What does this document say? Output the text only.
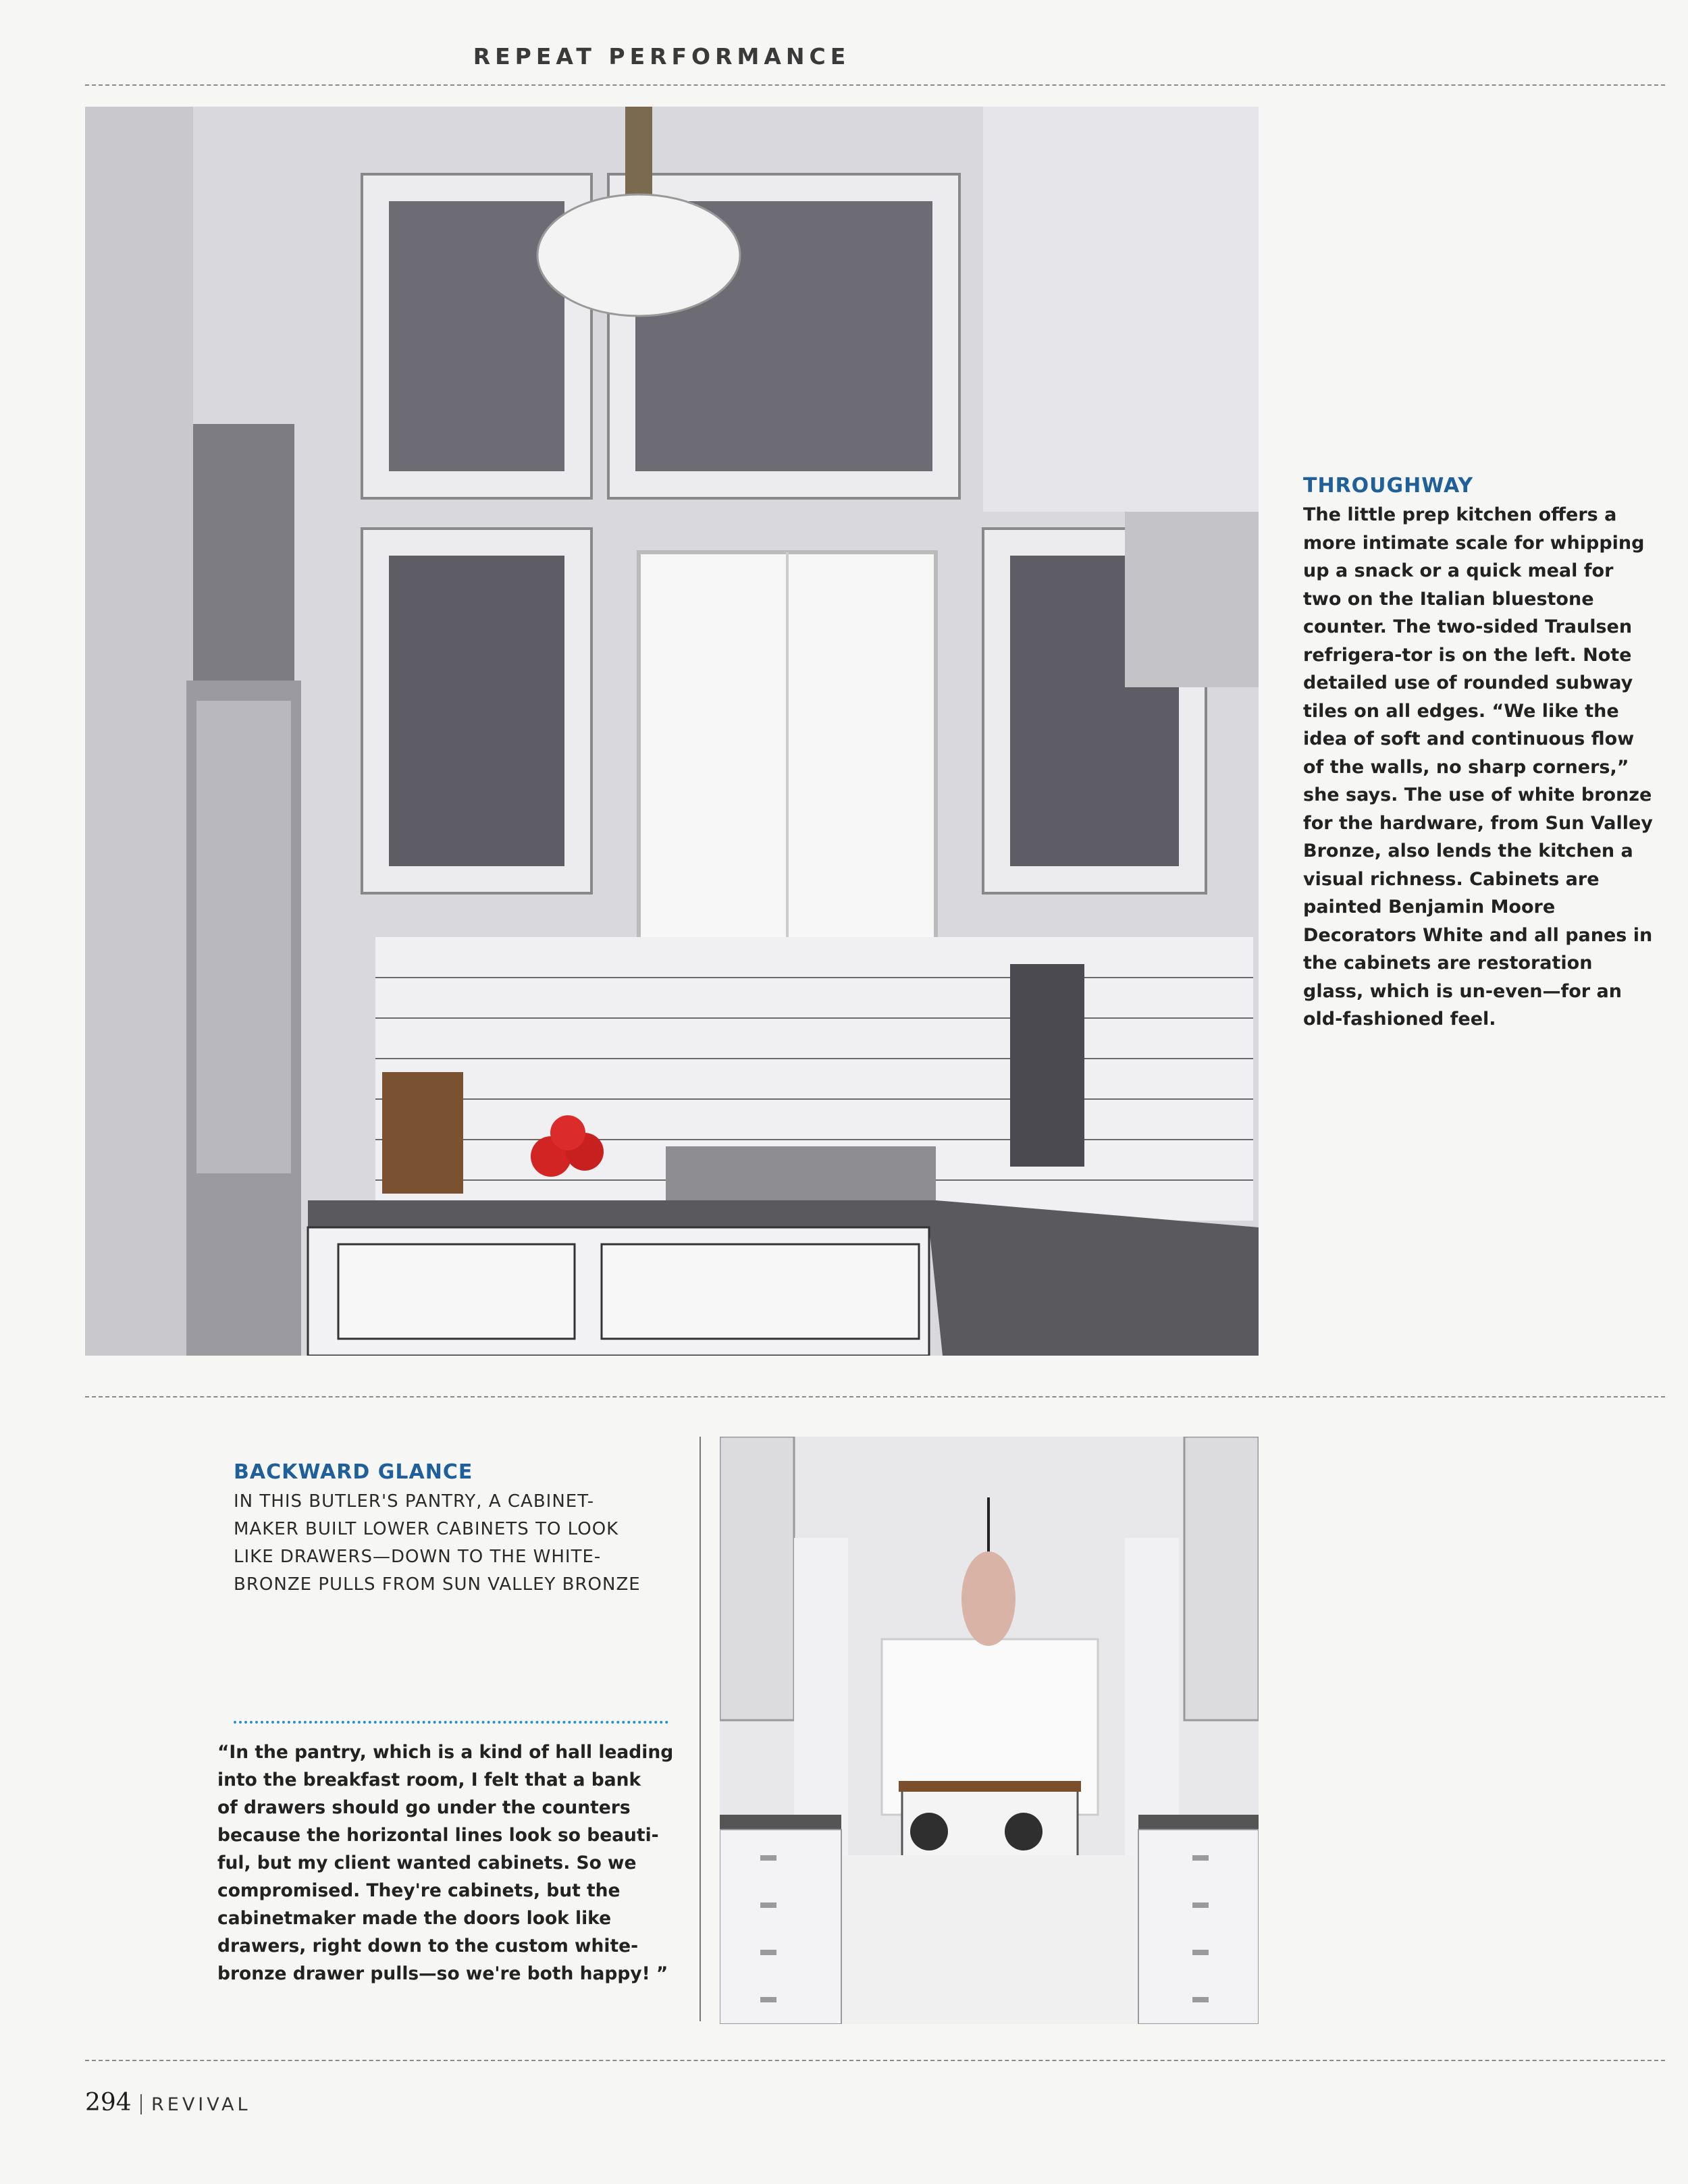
REPEAT PERFORMANCE
THROUGHWAY
The little prep kitchen offers a more intimate scale for whipping up a snack or a quick meal for two on the Italian bluestone counter. The two-sided Traulsen refrigera-tor is on the left. Note detailed use of rounded subway tiles on all edges. “We like the idea of soft and continuous flow of the walls, no sharp corners,” she says. The use of white bronze for the hardware, from Sun Valley Bronze, also lends the kitchen a visual richness. Cabinets are painted Benjamin Moore Decorators White and all panes in the cabinets are restoration glass, which is un-even—for an old-fashioned feel.
BACKWARD GLANCE
IN THIS BUTLER'S PANTRY, A CABINET-MAKER BUILT LOWER CABINETS TO LOOK LIKE DRAWERS—DOWN TO THE WHITE-BRONZE PULLS FROM SUN VALLEY BRONZE
“In the pantry, which is a kind of hall leading
into the breakfast room, I felt that a bank
of drawers should go under the counters
because the horizontal lines look so beauti-
ful, but my client wanted cabinets. So we
compromised. They're cabinets, but the
cabinetmaker made the doors look like
drawers, right down to the custom white-
bronze drawer pulls—so we're both happy! ”
294 REVIVAL
